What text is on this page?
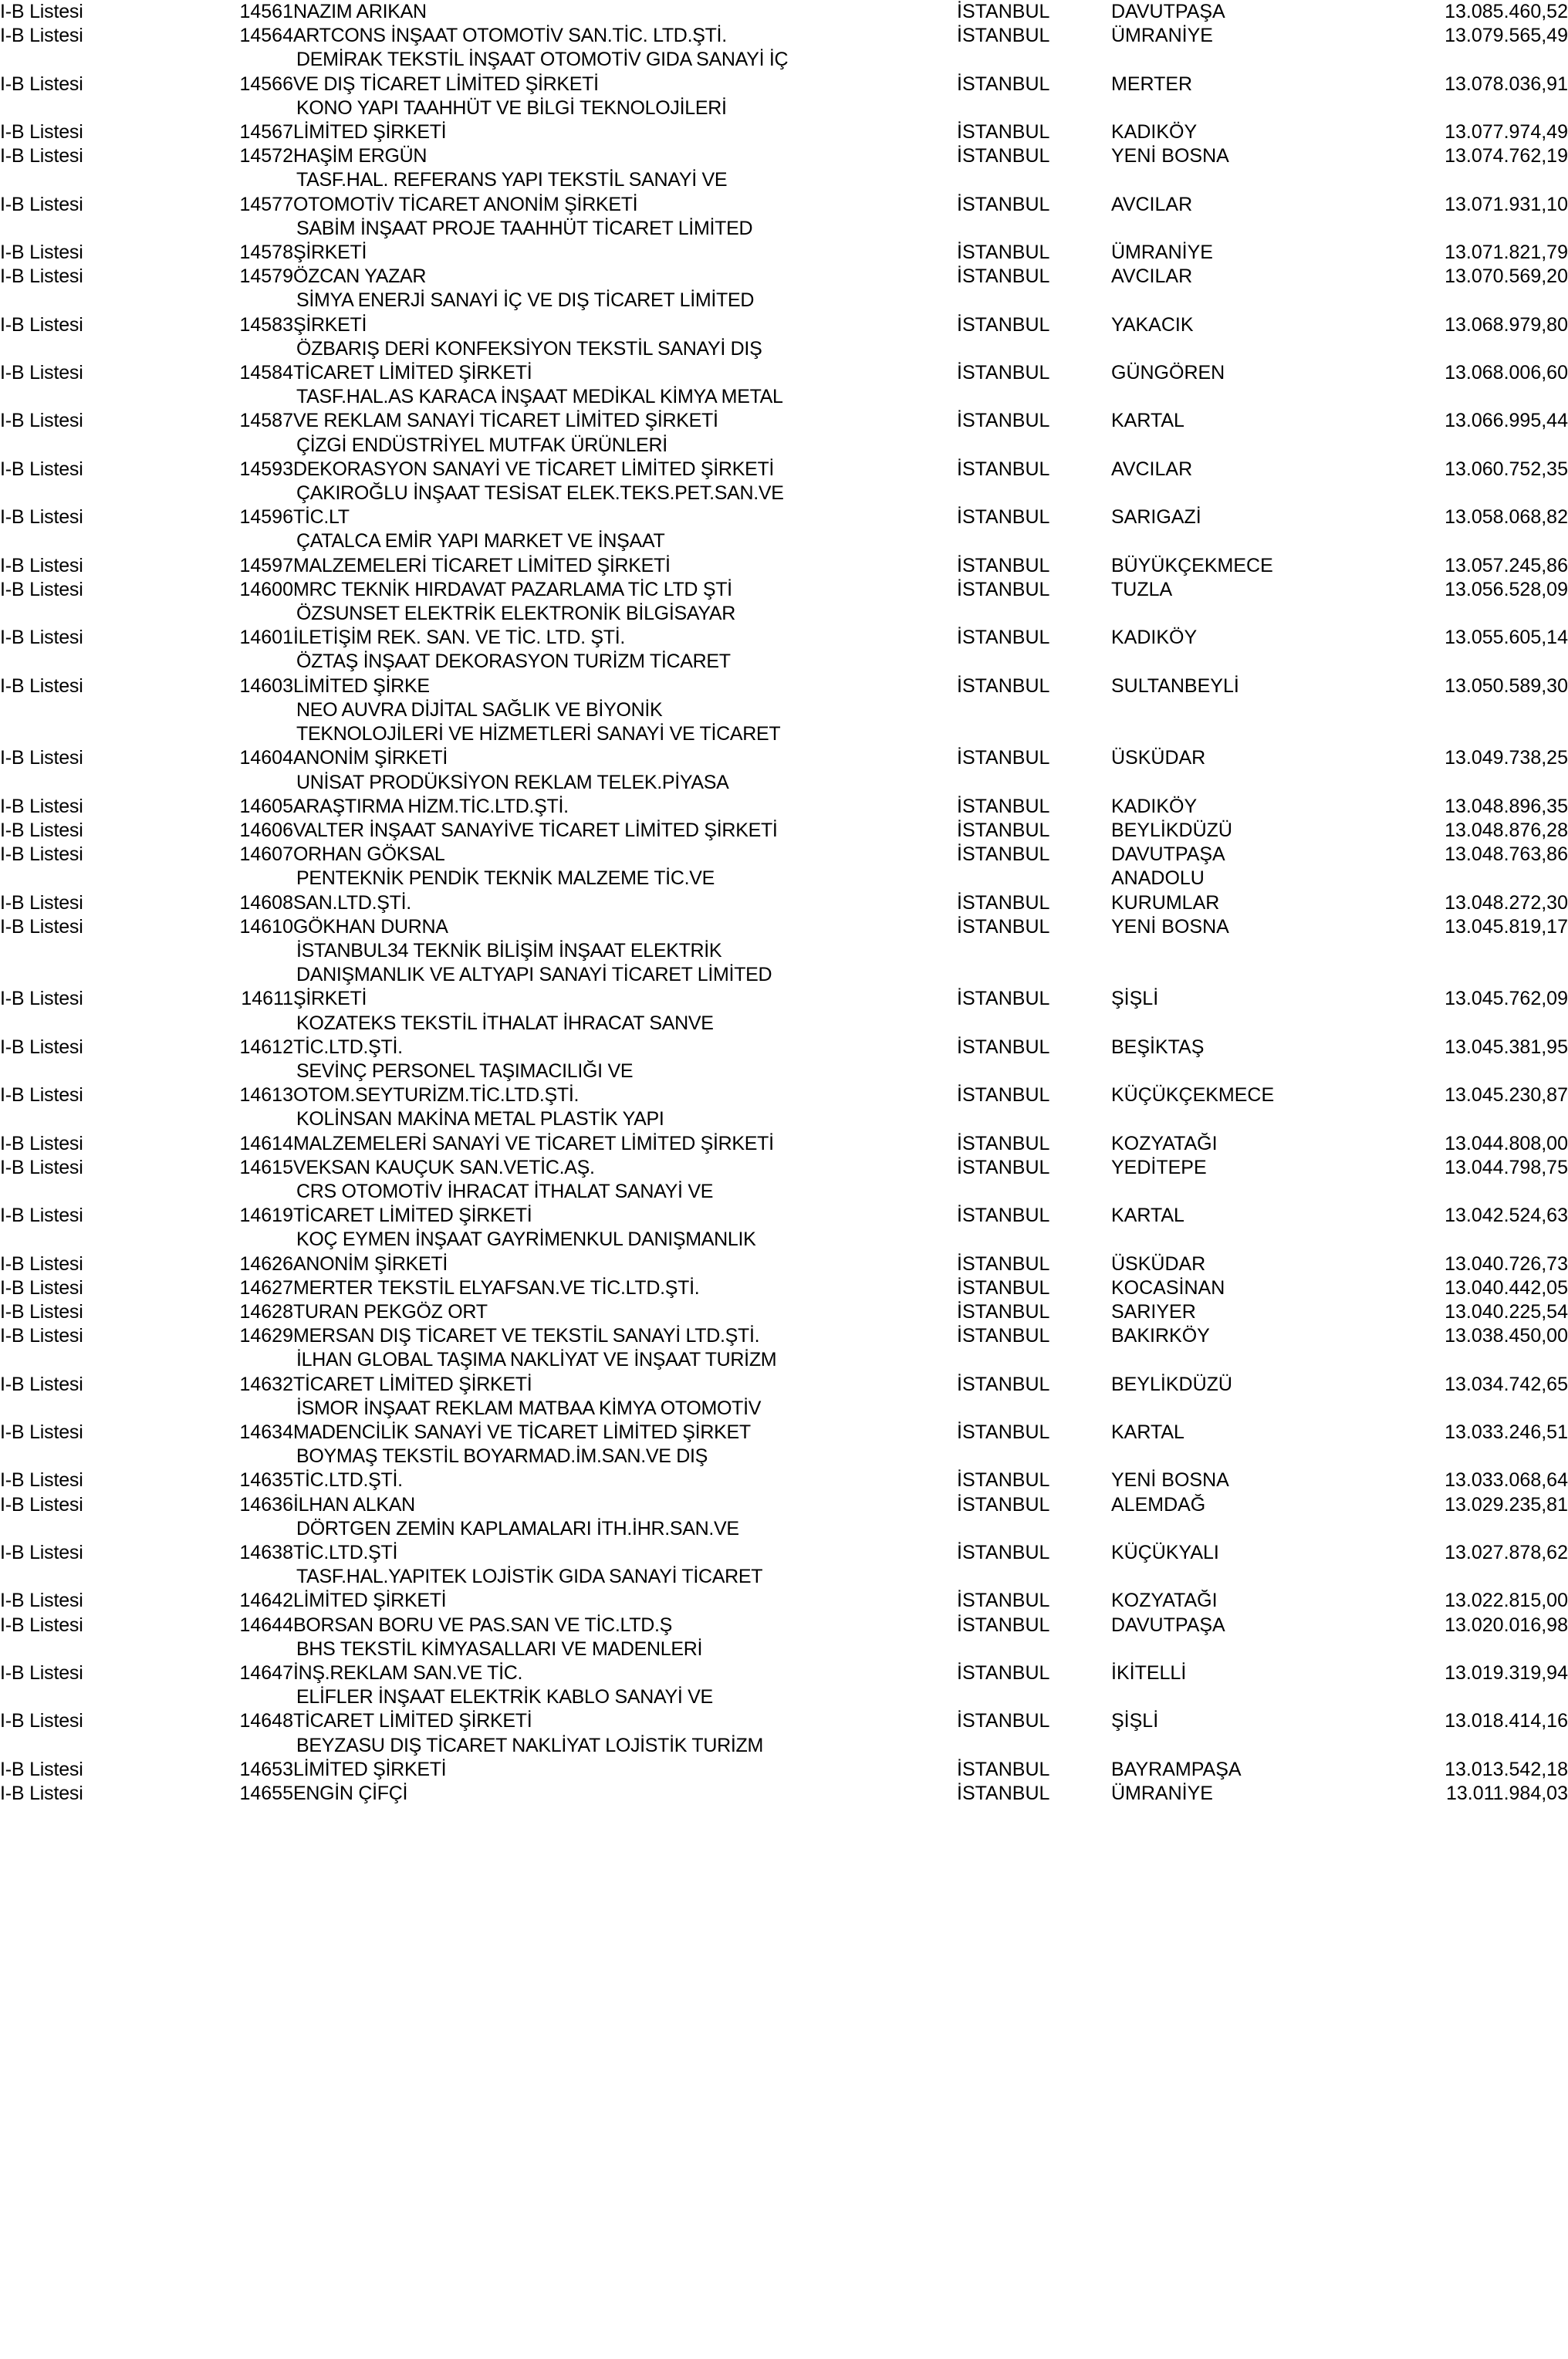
I-B Listesi	14561	NAZIM ARIKAN	İSTANBUL	DAVUTPAŞA	13.085.460,52
I-B Listesi	14564	ARTCONS İNŞAAT OTOMOTİV SAN.TİC. LTD.ŞTİ.	İSTANBUL	ÜMRANİYE	13.079.565,49
		DEMİRAK TEKSTİL İNŞAAT OTOMOTİV GIDA SANAYİ İÇ			
I-B Listesi	14566	VE DIŞ TİCARET LİMİTED ŞİRKETİ	İSTANBUL	MERTER	13.078.036,91
		KONO YAPI TAAHHÜT VE BİLGİ TEKNOLOJİLERİ			
I-B Listesi	14567	LİMİTED ŞİRKETİ	İSTANBUL	KADIKÖY	13.077.974,49
I-B Listesi	14572	HAŞİM ERGÜN	İSTANBUL	YENİ BOSNA	13.074.762,19
		TASF.HAL. REFERANS YAPI TEKSTİL SANAYİ VE			
I-B Listesi	14577	OTOMOTİV TİCARET ANONİM ŞİRKETİ	İSTANBUL	AVCILAR	13.071.931,10
		SABİM İNŞAAT PROJE TAAHHÜT TİCARET LİMİTED			
I-B Listesi	14578	ŞİRKETİ	İSTANBUL	ÜMRANİYE	13.071.821,79
I-B Listesi	14579	ÖZCAN YAZAR	İSTANBUL	AVCILAR	13.070.569,20
		SİMYA ENERJİ SANAYİ İÇ VE DIŞ TİCARET LİMİTED			
I-B Listesi	14583	ŞİRKETİ	İSTANBUL	YAKACIK	13.068.979,80
		ÖZBARIŞ DERİ KONFEKSİYON TEKSTİL SANAYİ DIŞ			
I-B Listesi	14584	TİCARET LİMİTED ŞİRKETİ	İSTANBUL	GÜNGÖREN	13.068.006,60
		TASF.HAL.AS KARACA İNŞAAT MEDİKAL KİMYA METAL			
I-B Listesi	14587	VE REKLAM SANAYİ TİCARET LİMİTED ŞİRKETİ	İSTANBUL	KARTAL	13.066.995,44
		ÇİZGİ ENDÜSTRİYEL MUTFAK ÜRÜNLERİ			
I-B Listesi	14593	DEKORASYON SANAYİ VE TİCARET LİMİTED ŞİRKETİ	İSTANBUL	AVCILAR	13.060.752,35
		ÇAKIROĞLU İNŞAAT TESİSAT ELEK.TEKS.PET.SAN.VE			
I-B Listesi	14596	TİC.LT	İSTANBUL	SARIGAZİ	13.058.068,82
		ÇATALCA EMİR YAPI MARKET VE İNŞAAT			
I-B Listesi	14597	MALZEMELERİ TİCARET LİMİTED ŞİRKETİ	İSTANBUL	BÜYÜKÇEKMECE	13.057.245,86
I-B Listesi	14600	MRC TEKNİK HIRDAVAT PAZARLAMA TİC LTD ŞTİ	İSTANBUL	TUZLA	13.056.528,09
		ÖZSUNSET ELEKTRİK ELEKTRONİK BİLGİSAYAR			
I-B Listesi	14601	İLETİŞİM REK. SAN. VE TİC. LTD. ŞTİ.	İSTANBUL	KADIKÖY	13.055.605,14
		ÖZTAŞ İNŞAAT DEKORASYON TURİZM TİCARET			
I-B Listesi	14603	LİMİTED ŞİRKE	İSTANBUL	SULTANBEYLİ	13.050.589,30
		NEO AUVRA DİJİTAL SAĞLIK VE BİYONİK			
		TEKNOLOJİLERİ VE HİZMETLERİ SANAYİ VE TİCARET			
I-B Listesi	14604	ANONİM ŞİRKETİ	İSTANBUL	ÜSKÜDAR	13.049.738,25
		UNİSAT PRODÜKSİYON REKLAM TELEK.PİYASA			
I-B Listesi	14605	ARAŞTIRMA HİZM.TİC.LTD.ŞTİ.	İSTANBUL	KADIKÖY	13.048.896,35
I-B Listesi	14606	VALTER İNŞAAT SANAYİVE TİCARET LİMİTED ŞİRKETİ	İSTANBUL	BEYLİKDÜZÜ	13.048.876,28
I-B Listesi	14607	ORHAN GÖKSAL	İSTANBUL	DAVUTPAŞA	13.048.763,86
		PENTEKNİK PENDİK TEKNİK MALZEME TİC.VE		ANADOLU	
I-B Listesi	14608	SAN.LTD.ŞTİ.	İSTANBUL	KURUMLAR	13.048.272,30
I-B Listesi	14610	GÖKHAN DURNA	İSTANBUL	YENİ BOSNA	13.045.819,17
		İSTANBUL34 TEKNİK BİLİŞİM İNŞAAT ELEKTRİK			
		DANIŞMANLIK VE ALTYAPI SANAYİ TİCARET LİMİTED			
I-B Listesi	14611	ŞİRKETİ	İSTANBUL	ŞİŞLİ	13.045.762,09
		KOZATEKS TEKSTİL İTHALAT İHRACAT SANVE			
I-B Listesi	14612	TİC.LTD.ŞTİ.	İSTANBUL	BEŞİKTAŞ	13.045.381,95
		SEVİNÇ PERSONEL TAŞIMACILIĞI VE			
I-B Listesi	14613	OTOM.SEYTURİZM.TİC.LTD.ŞTİ.	İSTANBUL	KÜÇÜKÇEKMECE	13.045.230,87
		KOLİNSAN MAKİNA METAL PLASTİK YAPI			
I-B Listesi	14614	MALZEMELERİ SANAYİ VE TİCARET LİMİTED ŞİRKETİ	İSTANBUL	KOZYATAĞI	13.044.808,00
I-B Listesi	14615	VEKSAN KAUÇUK SAN.VETİC.AŞ.	İSTANBUL	YEDİTEPE	13.044.798,75
		CRS OTOMOTİV İHRACAT İTHALAT SANAYİ VE			
I-B Listesi	14619	TİCARET LİMİTED ŞİRKETİ	İSTANBUL	KARTAL	13.042.524,63
		KOÇ EYMEN İNŞAAT GAYRİMENKUL DANIŞMANLIK			
I-B Listesi	14626	ANONİM ŞİRKETİ	İSTANBUL	ÜSKÜDAR	13.040.726,73
I-B Listesi	14627	MERTER TEKSTİL ELYAFSAN.VE TİC.LTD.ŞTİ.	İSTANBUL	KOCASİNAN	13.040.442,05
I-B Listesi	14628	TURAN PEKGÖZ ORT	İSTANBUL	SARIYER	13.040.225,54
I-B Listesi	14629	MERSAN DIŞ TİCARET VE TEKSTİL SANAYİ LTD.ŞTİ.	İSTANBUL	BAKIRKÖY	13.038.450,00
		İLHAN GLOBAL TAŞIMA NAKLİYAT VE İNŞAAT TURİZM			
I-B Listesi	14632	TİCARET LİMİTED ŞİRKETİ	İSTANBUL	BEYLİKDÜZÜ	13.034.742,65
		İSMOR İNŞAAT REKLAM MATBAA KİMYA OTOMOTİV			
I-B Listesi	14634	MADENCİLİK SANAYİ VE TİCARET LİMİTED ŞİRKET	İSTANBUL	KARTAL	13.033.246,51
		BOYMAŞ TEKSTİL BOYARMAD.İM.SAN.VE DIŞ			
I-B Listesi	14635	TİC.LTD.ŞTİ.	İSTANBUL	YENİ BOSNA	13.033.068,64
I-B Listesi	14636	İLHAN ALKAN	İSTANBUL	ALEMDAĞ	13.029.235,81
		DÖRTGEN ZEMİN KAPLAMALARI İTH.İHR.SAN.VE			
I-B Listesi	14638	TİC.LTD.ŞTİ	İSTANBUL	KÜÇÜKYALI	13.027.878,62
		TASF.HAL.YAPITEK LOJİSTİK GIDA SANAYİ TİCARET			
I-B Listesi	14642	LİMİTED ŞİRKETİ	İSTANBUL	KOZYATAĞI	13.022.815,00
I-B Listesi	14644	BORSAN BORU VE PAS.SAN VE TİC.LTD.Ş	İSTANBUL	DAVUTPAŞA	13.020.016,98
		BHS TEKSTİL KİMYASALLARI VE MADENLERİ			
I-B Listesi	14647	İNŞ.REKLAM SAN.VE TİC.	İSTANBUL	İKİTELLİ	13.019.319,94
		ELİFLER İNŞAAT ELEKTRİK KABLO SANAYİ VE			
I-B Listesi	14648	TİCARET LİMİTED ŞİRKETİ	İSTANBUL	ŞİŞLİ	13.018.414,16
		BEYZASU DIŞ TİCARET NAKLİYAT LOJİSTİK TURİZM			
I-B Listesi	14653	LİMİTED ŞİRKETİ	İSTANBUL	BAYRAMPAŞA	13.013.542,18
I-B Listesi	14655	ENGİN ÇİFÇİ	İSTANBUL	ÜMRANİYE	13.011.984,03
